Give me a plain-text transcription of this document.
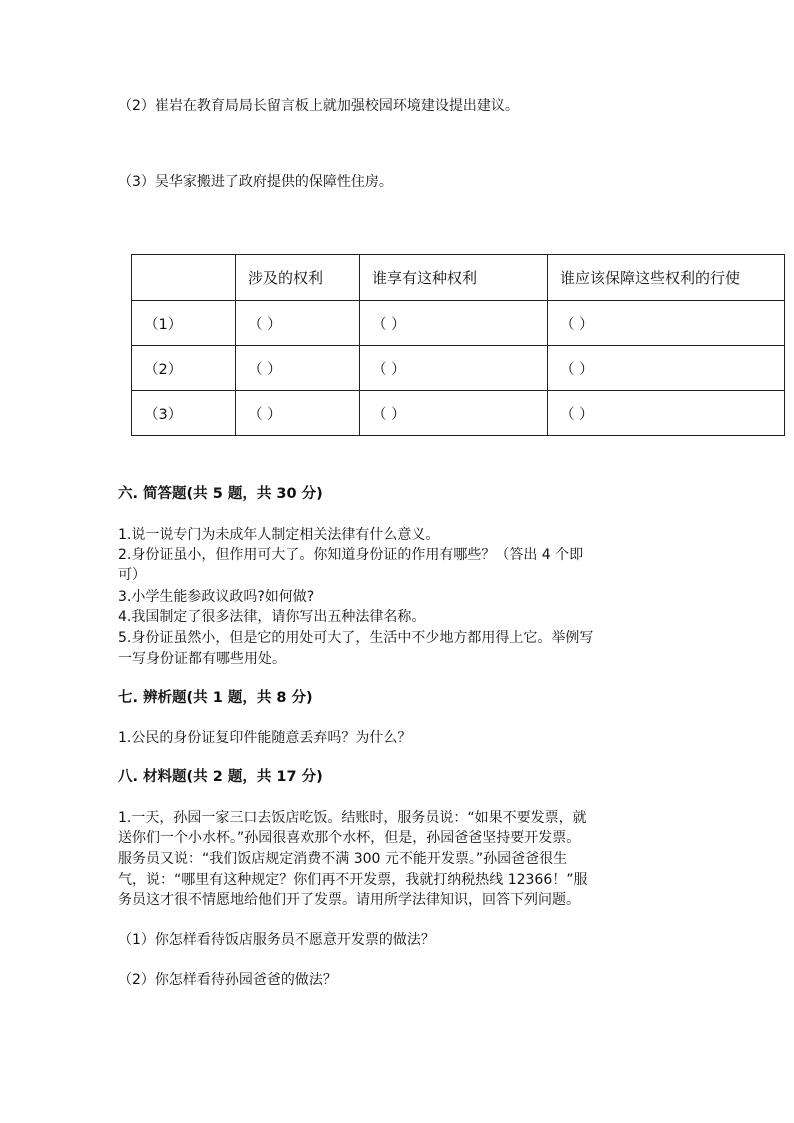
（2）崔岩在教育局局长留言板上就加强校园环境建设提出建议。
（3）吴华家搬进了政府提供的保障性住房。
	涉及的权利	谁享有这种权利	谁应该保障这些权利的行使
（1）	（ ）	（ ）	（ ）
（2）	（ ）	（ ）	（ ）
（3）	（ ）	（ ）	（ ）
六. 简答题(共 5 题，共 30 分)
1.说一说专门为未成年人制定相关法律有什么意义。
2.身份证虽小，但作用可大了。你知道身份证的作用有哪些？（答出 4 个即
可）
3.小学生能参政议政吗?如何做?
4.我国制定了很多法律，请你写出五种法律名称。
5.身份证虽然小，但是它的用处可大了，生活中不少地方都用得上它。举例写
一写身份证都有哪些用处。
七. 辨析题(共 1 题，共 8 分)
1.公民的身份证复印件能随意丢弃吗？为什么？
八. 材料题(共 2 题，共 17 分)
1.一天，孙园一家三口去饭店吃饭。结账时，服务员说：“如果不要发票，就
送你们一个小水杯。”孙园很喜欢那个水杯，但是，孙园爸爸坚持要开发票。
服务员又说：“我们饭店规定消费不满 300 元不能开发票。”孙园爸爸很生
气，说：“哪里有这种规定？你们再不开发票，我就打纳税热线 12366！”服
务员这才很不情愿地给他们开了发票。请用所学法律知识，回答下列问题。
（1）你怎样看待饭店服务员不愿意开发票的做法？
（2）你怎样看待孙园爸爸的做法？
